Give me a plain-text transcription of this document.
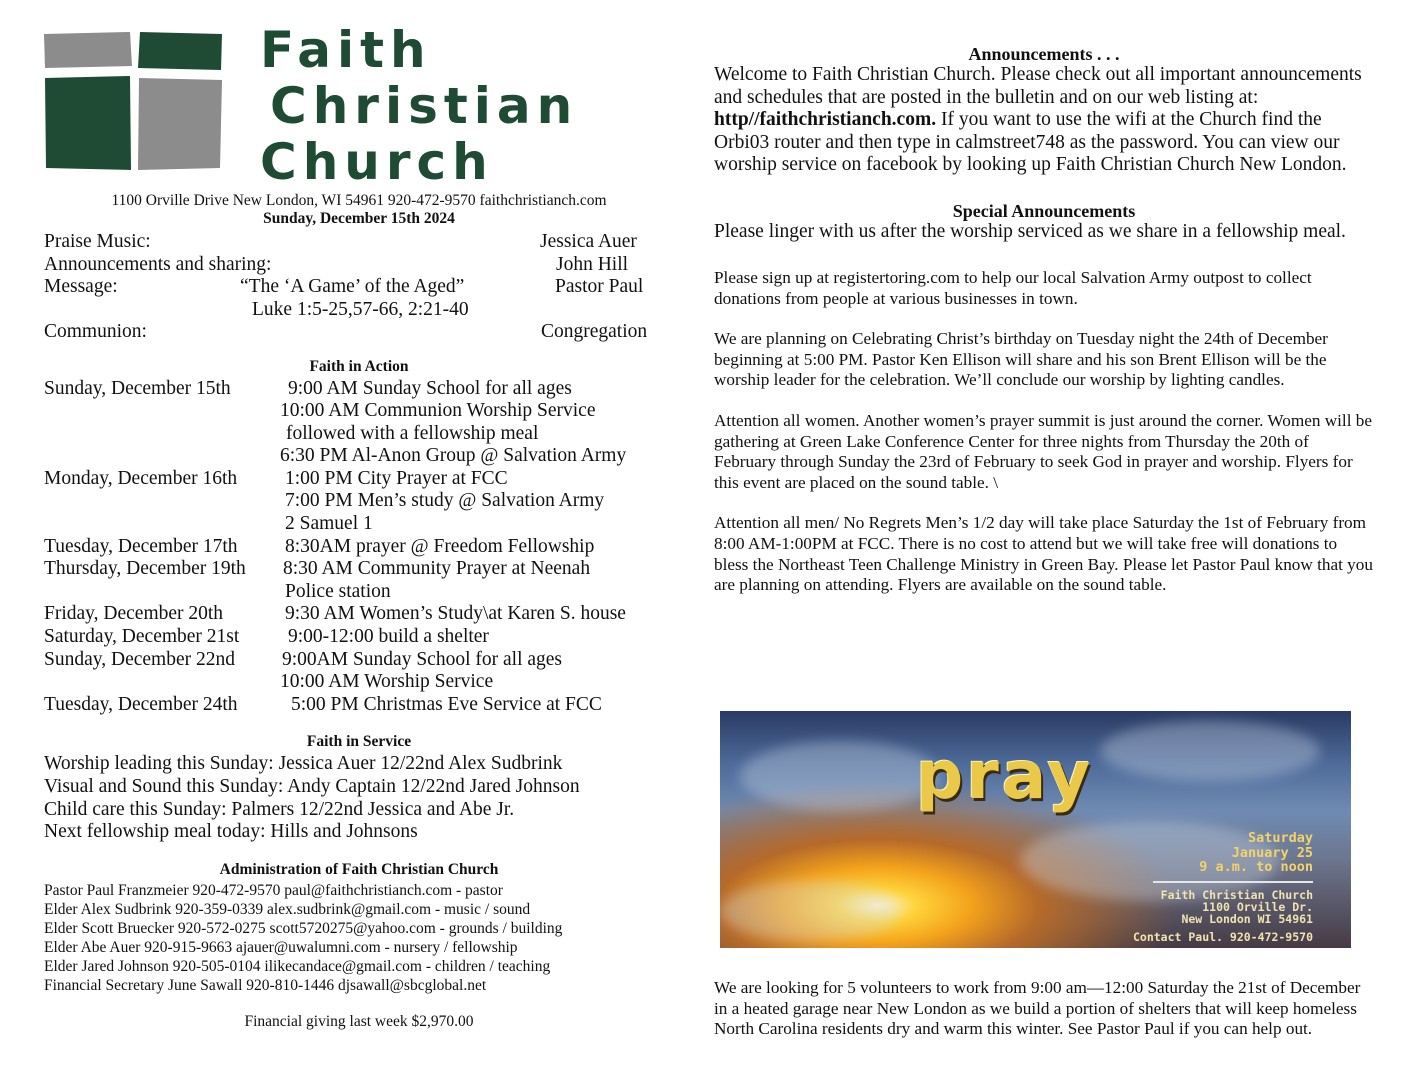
Faith
Christian
Church
1100 Orville Drive New London, WI 54961 920-472-9570 faithchristianch.com
Sunday, December 15th 2024
Praise Music:	Jessica Auer
Announcements and sharing:	John Hill
Message:	“The ‘A Game’ of the Aged”	Pastor Paul
Luke 1:5-25,57-66, 2:21-40
Communion:	Congregation
Faith in Action
Sunday, December 15th	9:00 AM Sunday School for all ages
10:00 AM Communion Worship Service
followed with a fellowship meal
6:30 PM Al-Anon Group @ Salvation Army
Monday, December 16th 1:00 PM City Prayer at FCC
7:00 PM Men’s study @ Salvation Army
2 Samuel 1
Tuesday, December 17th 8:30AM prayer @ Freedom Fellowship
Thursday, December 19th 8:30 AM Community Prayer at Neenah
Police station
Friday, December 20th	9:30 AM Women’s Study\at Karen S. house
Saturday, December 21st 9:00-12:00 build a shelter
Sunday, December 22nd 9:00AM Sunday School for all ages
10:00 AM Worship Service
Tuesday, December 24th	5:00 PM Christmas Eve Service at FCC
Faith in Service
Worship leading this Sunday: Jessica Auer 12/22nd Alex Sudbrink
Visual and Sound this Sunday: Andy Captain 12/22nd Jared Johnson
Child care this Sunday: Palmers 12/22nd Jessica and Abe Jr.
Next fellowship meal today: Hills and Johnsons
Administration of Faith Christian Church
Pastor Paul Franzmeier 920-472-9570 paul@faithchristianch.com - pastor
Elder Alex Sudbrink 920-359-0339 alex.sudbrink@gmail.com - music / sound
Elder Scott Bruecker 920-572-0275 scott5720275@yahoo.com - grounds / building
Elder Abe Auer 920-915-9663 ajauer@uwalumni.com - nursery / fellowship
Elder Jared Johnson 920-505-0104 ilikecandace@gmail.com - children / teaching
Financial Secretary June Sawall 920-810-1446 djsawall@sbcglobal.net
Financial giving last week $2,970.00
Announcements . . .
Welcome to Faith Christian Church. Please check out all important announcements and schedules that are posted in the bulletin and on our web listing at: http//faithchristianch.com. If you want to use the wifi at the Church find the Orbi03 router and then type in calmstreet748 as the password. You can view our worship service on facebook by looking up Faith Christian Church New London.
Special Announcements
Please linger with us after the worship serviced as we share in a fellowship meal.
Please sign up at registertoring.com to help our local Salvation Army outpost to collect donations from people at various businesses in town.
We are planning on Celebrating Christ’s birthday on Tuesday night the 24th of December beginning at 5:00 PM. Pastor Ken Ellison will share and his son Brent Ellison will be the worship leader for the celebration. We’ll conclude our worship by lighting candles.
Attention all women. Another women’s prayer summit is just around the corner. Women will be gathering at Green Lake Conference Center for three nights from Thursday the 20th of February through Sunday the 23rd of February to seek God in prayer and worship. Flyers for this event are placed on the sound table. \
Attention all men/ No Regrets Men’s 1/2 day will take place Saturday the 1st of February from 8:00 AM-1:00PM at FCC. There is no cost to attend but we will take free will donations to bless the Northeast Teen Challenge Ministry in Green Bay. Please let Pastor Paul know that you are planning on attending. Flyers are available on the sound table.
pray
Saturday
January 25
9 a.m. to noon
Faith Christian Church
1100 Orville Dr.
New London WI 54961
Contact Paul. 920-472-9570
We are looking for 5 volunteers to work from 9:00 am—12:00 Saturday the 21st of December in a heated garage near New London as we build a portion of shelters that will keep homeless North Carolina residents dry and warm this winter. See Pastor Paul if you can help out.
